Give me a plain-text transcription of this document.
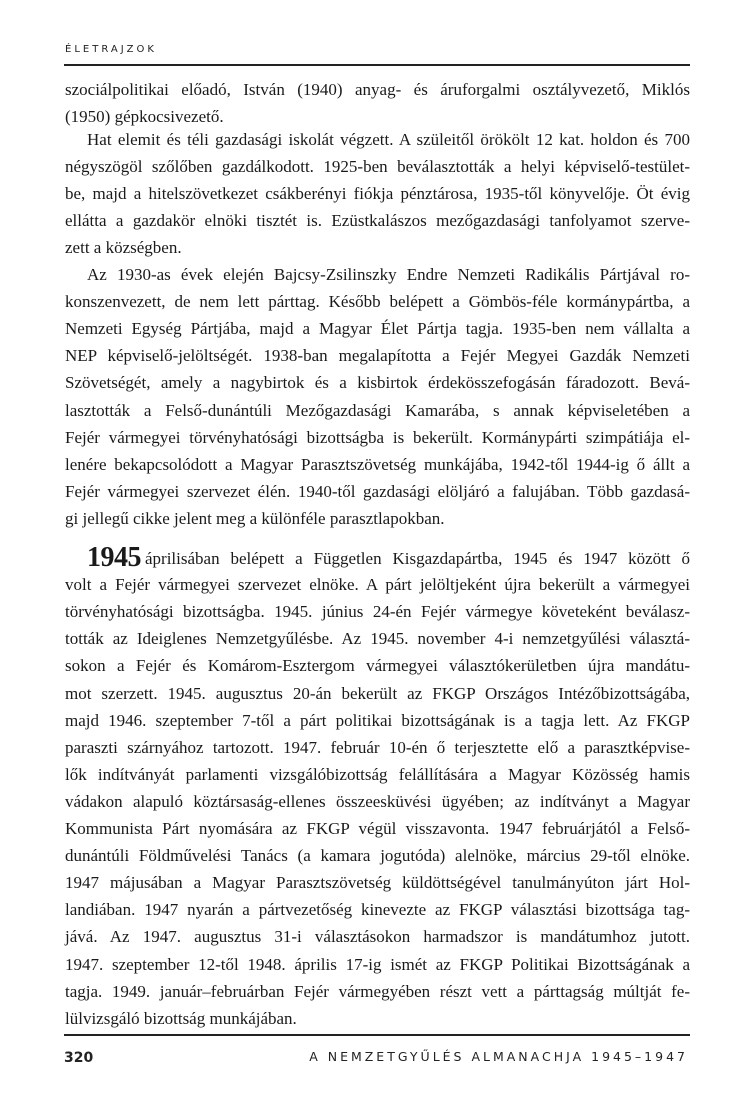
ÉLETRAJZOK
szociálpolitikai előadó, István (1940) anyag- és áruforgalmi osztályvezető, Miklós
(1950) gépkocsivezető.
Hat elemit és téli gazdasági iskolát végzett. A szüleitől örökölt 12 kat. holdon és 700
négyszögöl szőlőben gazdálkodott. 1925-ben beválasztották a helyi képviselő-testület-
be, majd a hitelszövetkezet csákberényi fiókja pénztárosa, 1935-től könyvelője. Öt évig
ellátta a gazdakör elnöki tisztét is. Ezüstkalászos mezőgazdasági tanfolyamot szerve-
zett a községben.
Az 1930-as évek elején Bajcsy-Zsilinszky Endre Nemzeti Radikális Pártjával ro-
konszenvezett, de nem lett párttag. Később belépett a Gömbös-féle kormánypártba, a
Nemzeti Egység Pártjába, majd a Magyar Élet Pártja tagja. 1935-ben nem vállalta a
NEP képviselő-jelöltségét. 1938-ban megalapította a Fejér Megyei Gazdák Nemzeti
Szövetségét, amely a nagybirtok és a kisbirtok érdekösszefogásán fáradozott. Bevá-
lasztották a Felső-dunántúli Mezőgazdasági Kamarába, s annak képviseletében a
Fejér vármegyei törvényhatósági bizottságba is bekerült. Kormánypárti szimpátiája el-
lenére bekapcsolódott a Magyar Parasztszövetség munkájába, 1942-től 1944-ig ő állt a
Fejér vármegyei szervezet élén. 1940-től gazdasági elöljáró a falujában. Több gazdasá-
gi jellegű cikke jelent meg a különféle parasztlapokban.
1945 áprilisában belépett a Független Kisgazdapártba, 1945 és 1947 között ő
volt a Fejér vármegyei szervezet elnöke. A párt jelöltjeként újra bekerült a vármegyei
törvényhatósági bizottságba. 1945. június 24-én Fejér vármegye követeként beválasz-
tották az Ideiglenes Nemzetgyűlésbe. Az 1945. november 4-i nemzetgyűlési választá-
sokon a Fejér és Komárom-Esztergom vármegyei választókerületben újra mandátu-
mot szerzett. 1945. augusztus 20-án bekerült az FKGP Országos Intézőbizottságába,
majd 1946. szeptember 7-től a párt politikai bizottságának is a tagja lett. Az FKGP
paraszti szárnyához tartozott. 1947. február 10-én ő terjesztette elő a parasztképvise-
lők indítványát parlamenti vizsgálóbizottság felállítására a Magyar Közösség hamis
vádakon alapuló köztársaság-ellenes összeesküvési ügyében; az indítványt a Magyar
Kommunista Párt nyomására az FKGP végül visszavonta. 1947 februárjától a Felső-
dunántúli Földművelési Tanács (a kamara jogutóda) alelnöke, március 29-től elnöke.
1947 májusában a Magyar Parasztszövetség küldöttségével tanulmányúton járt Hol-
landiában. 1947 nyarán a pártvezetőség kinevezte az FKGP választási bizottsága tag-
jává. Az 1947. augusztus 31-i választásokon harmadszor is mandátumhoz jutott.
1947. szeptember 12-től 1948. április 17-ig ismét az FKGP Politikai Bizottságának a
tagja. 1949. január–februárban Fejér vármegyében részt vett a párttagság múltját fe-
lülvizsgáló bizottság munkájában.
320	A NEMZETGYŰLÉS ALMANACHJA 1945–1947
